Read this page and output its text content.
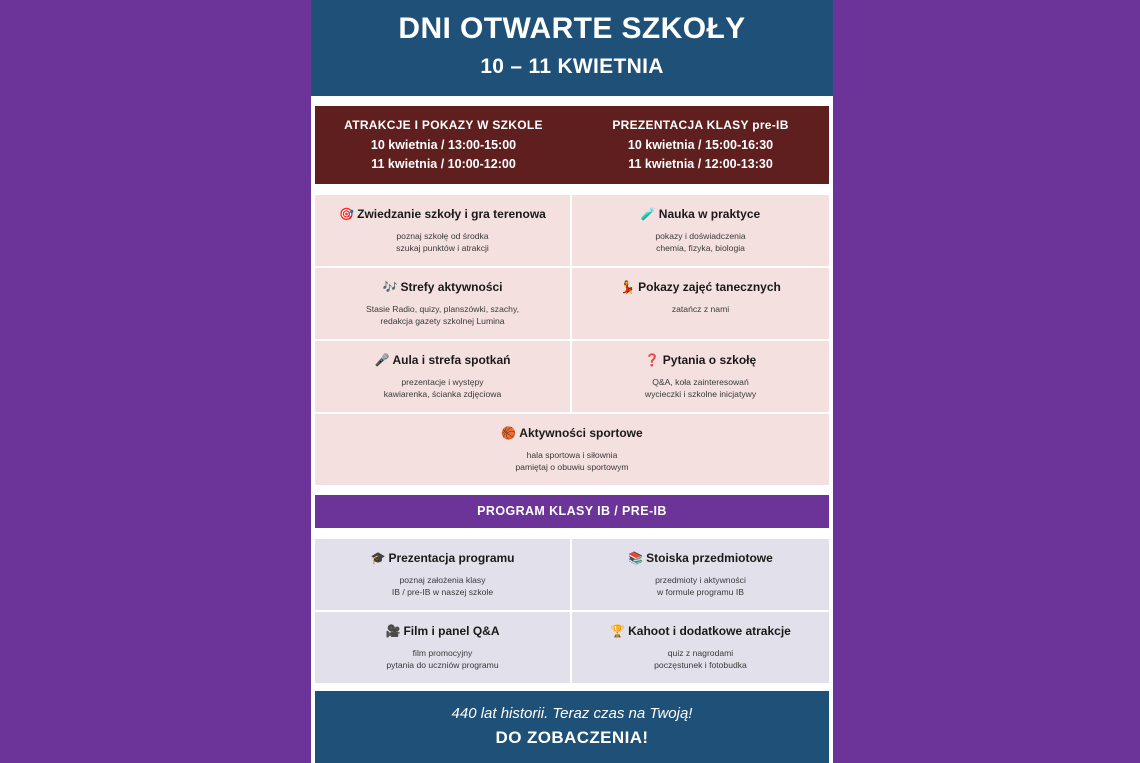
DNI OTWARTE SZKOŁY
10 – 11 KWIETNIA
ATRAKCJE I POKAZY W SZKOLE
10 kwietnia / 13:00-15:00
11 kwietnia / 10:00-12:00
PREZENTACJA KLASY pre-IB
10 kwietnia / 15:00-16:30
11 kwietnia / 12:00-13:30
🎯 Zwiedzanie szkoły i gra terenowa
poznaj szkołę od środka
szukaj punktów i atrakcji
🧪 Nauka w praktyce
pokazy i doświadczenia
chemia, fizyka, biologia
🎶 Strefy aktywności
Stasie Radio, quizy, planszówki, szachy,
redakcja gazety szkolnej Lumina
💃 Pokazy zajęć tanecznych
zatańcz z nami
🎤 Aula i strefa spotkań
prezentacje i występy
kawiarenka, ścianka zdjęciowa
❓ Pytania o szkołę
Q&A, koła zainteresowań
wycieczki i szkolne inicjatywy
🏀 Aktywności sportowe
hala sportowa i siłownia
pamiętaj o obuwiu sportowym
PROGRAM KLASY IB / PRE-IB
🎓 Prezentacja programu
poznaj założenia klasy
IB / pre-IB w naszej szkole
📚 Stoiska przedmiotowe
przedmioty i aktywności
w formule programu IB
🎥 Film i panel Q&A
film promocyjny
pytania do uczniów programu
🏆 Kahoot i dodatkowe atrakcje
quiz z nagrodami
poczęstunek i fotobudka
440 lat historii. Teraz czas na Twoją!
DO ZOBACZENIA!
